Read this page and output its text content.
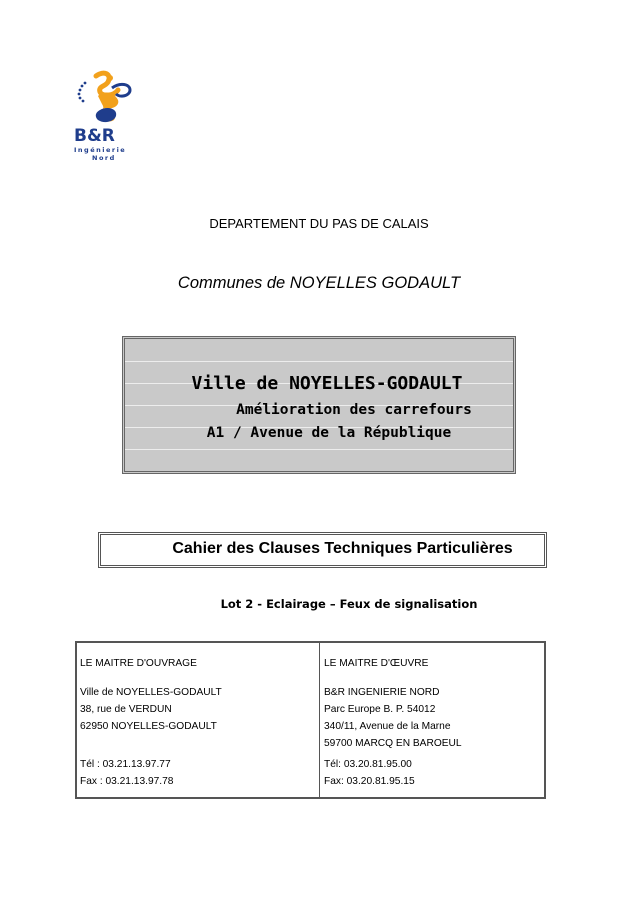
B&R
Ingénierie
Nord
DEPARTEMENT DU PAS DE CALAIS
Communes de NOYELLES GODAULT
Ville de NOYELLES-GODAULT
Amélioration des carrefours
A1 / Avenue de la République
Cahier des Clauses Techniques Particulières
Lot 2 - Eclairage – Feux de signalisation
LE MAITRE D'OUVRAGE
Ville de NOYELLES-GODAULT
38, rue de VERDUN
62950 NOYELLES-GODAULT
Tél : 03.21.13.97.77
Fax : 03.21.13.97.78
LE MAITRE D'ŒUVRE
B&R INGENIERIE NORD
Parc Europe B. P. 54012
340/11, Avenue de la Marne
59700 MARCQ EN BAROEUL
Tél: 03.20.81.95.00
Fax: 03.20.81.95.15
